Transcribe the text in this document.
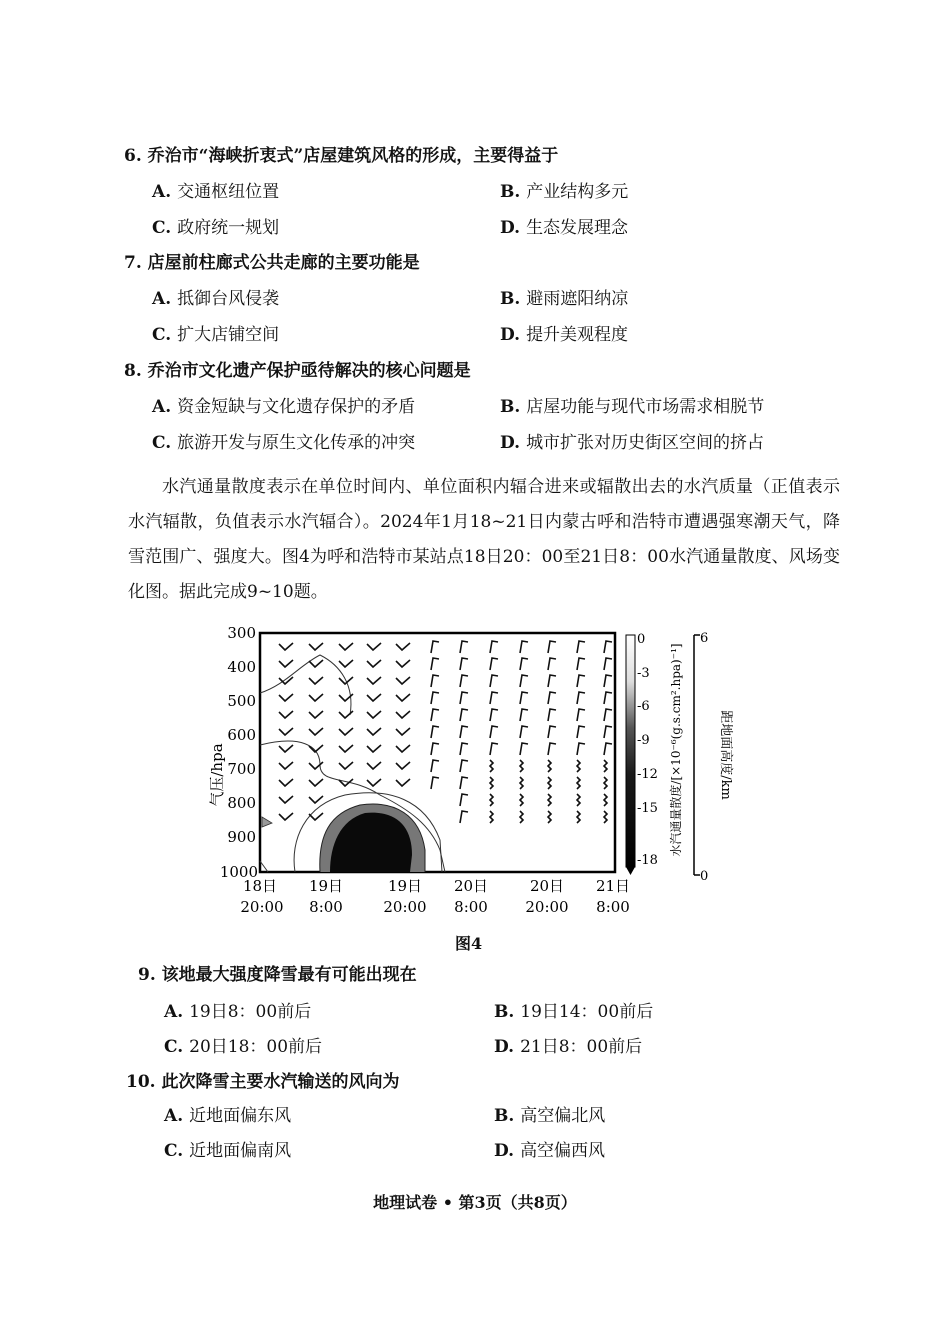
6. 乔治市“海峡折衷式”店屋建筑风格的形成，主要得益于
A. 交通枢纽位置	B. 产业结构多元
C. 政府统一规划	D. 生态发展理念
7. 店屋前柱廊式公共走廊的主要功能是
A. 抵御台风侵袭	B. 避雨遮阳纳凉
C. 扩大店铺空间	D. 提升美观程度
8. 乔治市文化遗产保护亟待解决的核心问题是
A. 资金短缺与文化遗存保护的矛盾	B. 店屋功能与现代市场需求相脱节
C. 旅游开发与原生文化传承的冲突	D. 城市扩张对历史街区空间的挤占
水汽通量散度表示在单位时间内、单位面积内辐合进来或辐散出去的水汽质量（正值表示水汽辐散，负值表示水汽辐合）。2024年1月18~21日内蒙古呼和浩特市遭遇强寒潮天气，降雪范围广、强度大。图4为呼和浩特市某站点18日20：00至21日8：00水汽通量散度、风场变化图。据此完成9~10题。
300
400
500
600
700
800
900
1000
气压/hpa
18日
20:00
19日
8:00
19日
20:00
20日
8:00
20日
20:00
21日
8:00
0
-3
-6
-9
-12
-15
-18
水汽通量散度/[×10⁻⁶(g.s.cm².hpa)⁻¹]
6
0
距地面高度/km
图4
9. 该地最大强度降雪最有可能出现在
A. 19日8：00前后	B. 19日14：00前后
C. 20日18：00前后	D. 21日8：00前后
10. 此次降雪主要水汽输送的风向为
A. 近地面偏东风	B. 高空偏北风
C. 近地面偏南风	D. 高空偏西风
地理试卷 • 第3页（共8页）
